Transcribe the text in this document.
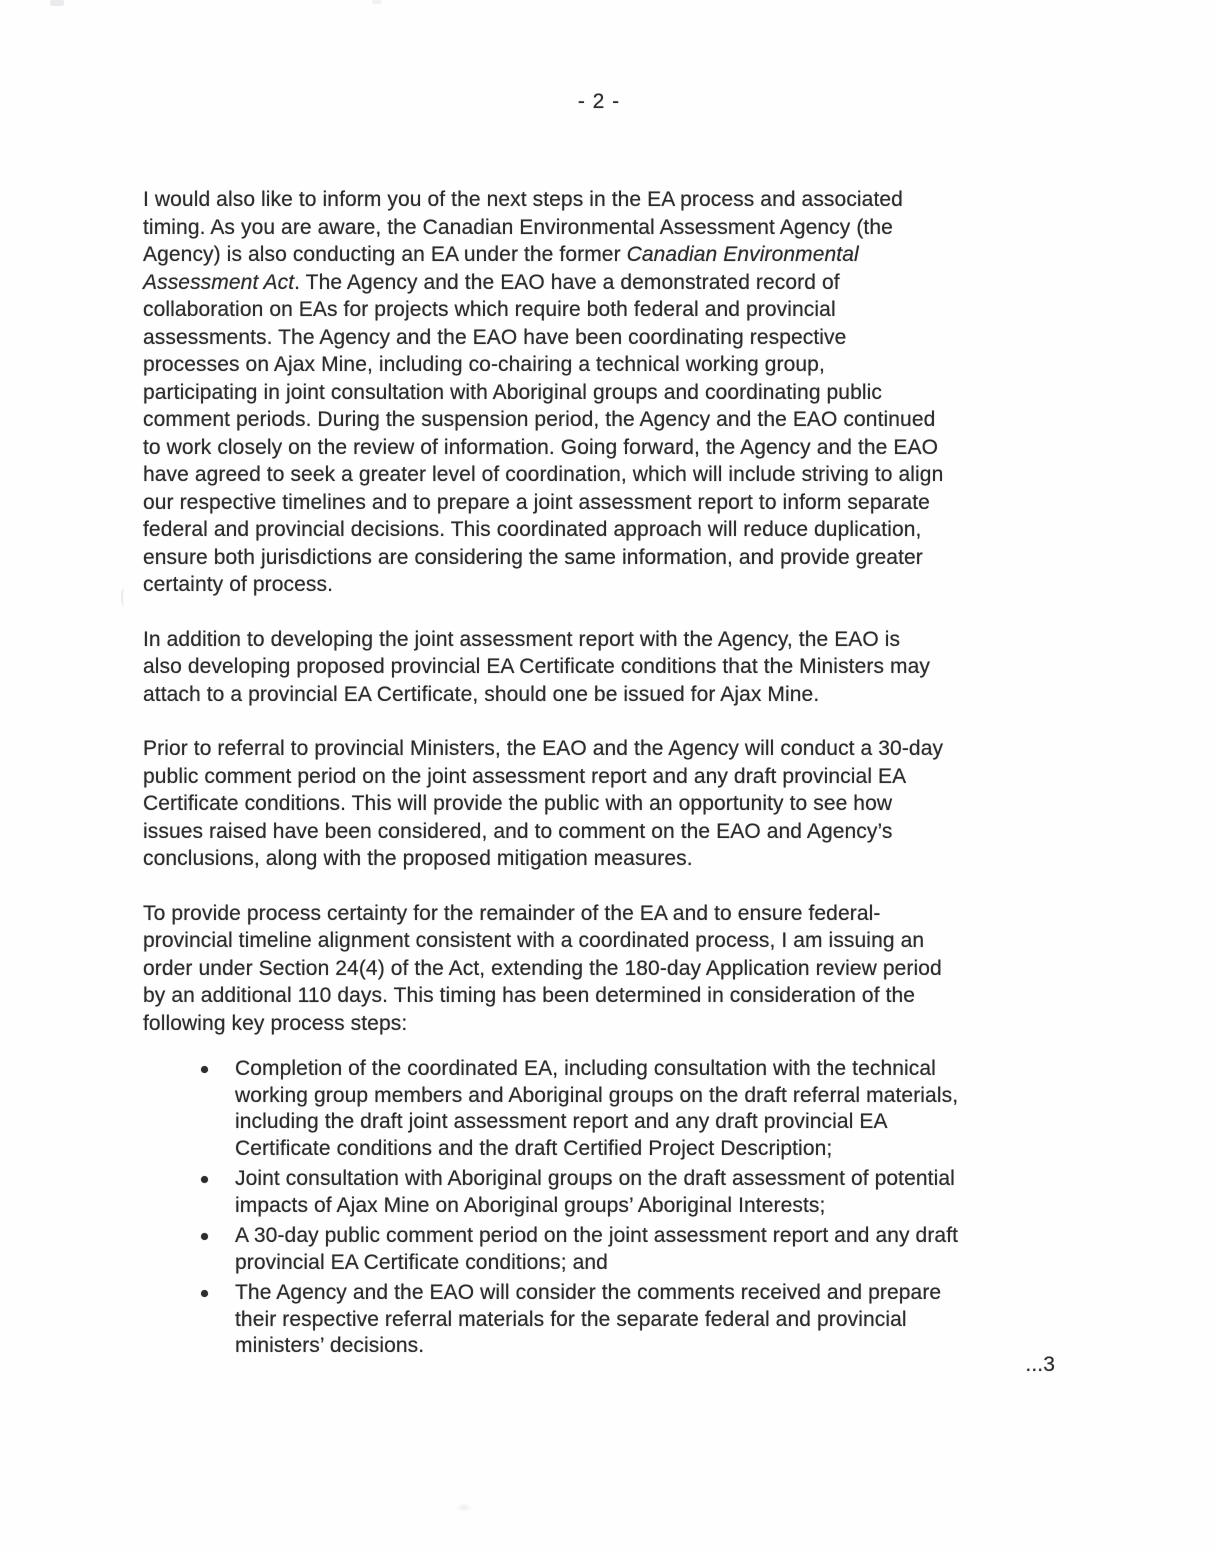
- 2 -
I would also like to inform you of the next steps in the EA process and associated
timing. As you are aware, the Canadian Environmental Assessment Agency (the
Agency) is also conducting an EA under the former Canadian Environmental
Assessment Act. The Agency and the EAO have a demonstrated record of
collaboration on EAs for projects which require both federal and provincial
assessments. The Agency and the EAO have been coordinating respective
processes on Ajax Mine, including co-chairing a technical working group,
participating in joint consultation with Aboriginal groups and coordinating public
comment periods. During the suspension period, the Agency and the EAO continued
to work closely on the review of information. Going forward, the Agency and the EAO
have agreed to seek a greater level of coordination, which will include striving to align
our respective timelines and to prepare a joint assessment report to inform separate
federal and provincial decisions. This coordinated approach will reduce duplication,
ensure both jurisdictions are considering the same information, and provide greater
certainty of process.
In addition to developing the joint assessment report with the Agency, the EAO is
also developing proposed provincial EA Certificate conditions that the Ministers may
attach to a provincial EA Certificate, should one be issued for Ajax Mine.
Prior to referral to provincial Ministers, the EAO and the Agency will conduct a 30-day
public comment period on the joint assessment report and any draft provincial EA
Certificate conditions. This will provide the public with an opportunity to see how
issues raised have been considered, and to comment on the EAO and Agency’s
conclusions, along with the proposed mitigation measures.
To provide process certainty for the remainder of the EA and to ensure federal-
provincial timeline alignment consistent with a coordinated process, I am issuing an
order under Section 24(4) of the Act, extending the 180-day Application review period
by an additional 110 days. This timing has been determined in consideration of the
following key process steps:
Completion of the coordinated EA, including consultation with the technical
working group members and Aboriginal groups on the draft referral materials,
including the draft joint assessment report and any draft provincial EA
Certificate conditions and the draft Certified Project Description;
Joint consultation with Aboriginal groups on the draft assessment of potential
impacts of Ajax Mine on Aboriginal groups’ Aboriginal Interests;
A 30-day public comment period on the joint assessment report and any draft
provincial EA Certificate conditions; and
The Agency and the EAO will consider the comments received and prepare
their respective referral materials for the separate federal and provincial
ministers’ decisions.
...3
